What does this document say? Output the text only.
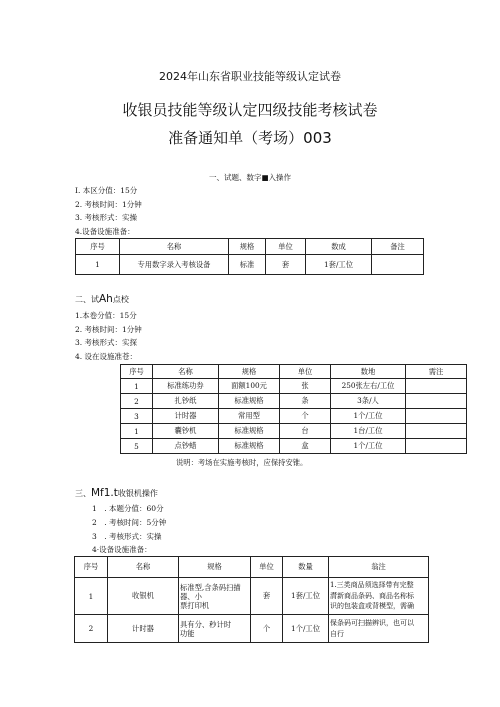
2024年山东省职业技能等级认定试卷
收银员技能等级认定四级技能考核试卷
准备通知单（考场）003
一、试题、数字■入操作
I. 本区分值：15分
2. 考核时间：1分钟
3. 考核形式：实操
4.设备设施准备：
序号	名称	规格	单位	数成	备注
1	专用数字录入考核设备	标准	套	1套/工位	
二、试Ah点校
1.本卷分值：15分
2. 考核时间：1分钟
3. 考核形式：实探
4. 设在设施准苍：
序号	名称	规格	单位	数地	需注
1	标准练功券	面额100元	张	250张左右/工位	
2	扎钞纸	标准规格	条	3条/人	
3	计时器	常用型	个	1个/工位	
1	囊钞机	标准规格	台	1台/工位	
5	点钞蜡	标准规格	盒	1个/工位	
说明：考场在实施考核时，应保持安锥。
三、Mf1.t收银机操作
1　. 本题分值：60分
2　. 考核时间：5分钟
3　. 考核形式：实操
4·设备设施准备：
序号	名称	规格	单位	数量	翁注
1	收银机	标准型,含条码扫描器、小
票打印机	套	1套/工位	1.三类商品须选择带有完整
潸新商品条码、商品名称标
识的包装盒或背模型，需确
2	计时器	具有分、秒计时
功能	个	1个/工位	保条码可扫描辨识，也可以
自行
